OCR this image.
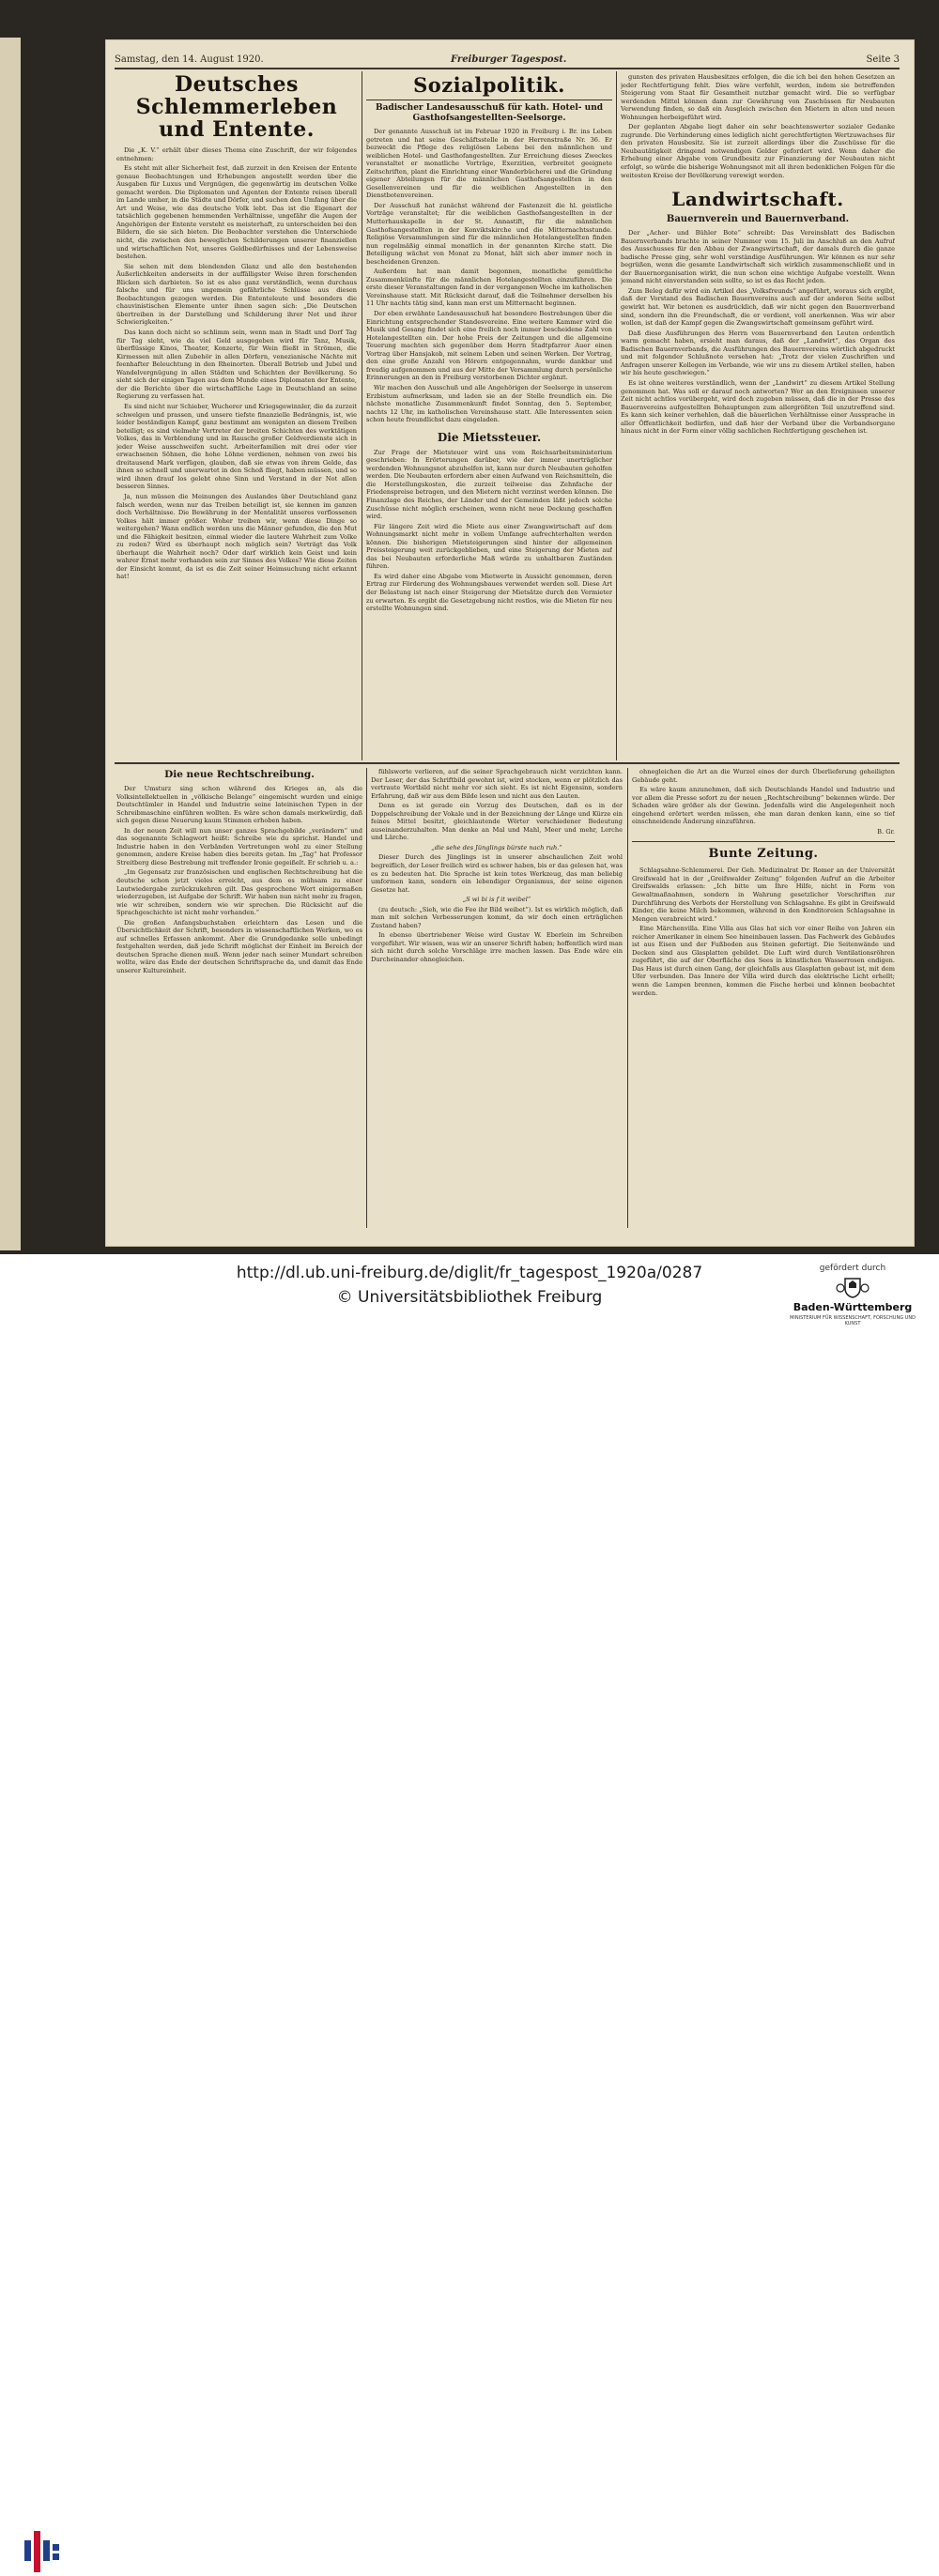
Samstag, den 14. August 1920.	Freiburger Tagespost.	Seite 3
Deutsches Schlemmerleben
und Entente.

Die „K. V.“ erhält über dieses Thema eine Zuschrift, der wir folgendes entnehmen:

Es steht mit aller Sicherheit fest, daß zurzeit in den Kreisen der Entente genaue Beobachtungen und Erhebungen angestellt werden über die Ausgaben für Luxus und Vergnügen, die gegenwärtig im deutschen Volke gemacht werden. Die Diplomaten und Agenten der Entente reisen überall im Lande umher, in die Städte und Dörfer, und suchen den Umfang über die Art und Weise, wie das deutsche Volk lebt. Das ist die Eigenart der tatsächlich gegebenen hemmenden Verhältnisse, ungefähr die Augen der Angehörigen der Entente versteht es meisterhaft, zu unterscheiden bei den Bildern, die sie sich bieten. Die Beobachter verstehen die Unterschiede nicht, die zwischen den beweglichen Schilderungen unserer finanziellen und wirtschaftlichen Not, unseres Geldbedürfnisses und der Lebensweise bestehen.

Sie sehen mit dem blendenden Glanz und alle den bestehenden Äußerlichkeiten anderseits in der auffälligster Weise ihren forschenden Blicken sich darbieten. So ist es also ganz verständlich, wenn durchaus falsche und für uns ungemein gefährliche Schlüsse aus diesen Beobachtungen gezogen werden. Die Ententeleute und besonders die chauvinistischen Elemente unter ihnen sagen sich: „Die Deutschen übertreiben in der Darstellung und Schilderung ihrer Not und ihrer Schwierigkeiten.“

Das kann doch nicht so schlimm sein, wenn man in Stadt und Dorf Tag für Tag sieht, wie da viel Geld ausgegeben wird für Tanz, Musik, überflüssige Kinos, Theater, Konzerte, für Wein fließt in Strömen, die Kirmessen mit allen Zubehör in allen Dörfern, venezianische Nächte mit feenhafter Beleuchtung in den Rheinorten. Überall Betrieb und Jubel und Wandelvergnügung in allen Städten und Schichten der Bevölkerung. So sieht sich der einigen Tagen aus dem Munde eines Diplomaten der Entente, der die Berichte über die wirtschaftliche Lage in Deutschland an seine Regierung zu verfassen hat.

Es sind nicht nur Schieber, Wucherer und Kriegsgewinnler, die da zurzeit schwelgen und prassen, und unsere tiefste finanzielle Bedrängnis, ist, wie leider beständigen Kampf, ganz bestimmt am wenigsten an diesem Treiben beteiligt; es sind vielmehr Vertreter der breiten Schichten des werktätigen Volkes, das in Verblendung und im Rausche großer Geldverdienste sich in jeder Weise ausschweifen sucht. Arbeiterfamilien mit drei oder vier erwachsenen Söhnen, die hohe Löhne verdienen, nehmen von zwei bis dreitausend Mark verfügen, glauben, daß sie etwas von ihrem Gelde, das ihnen so schnell und unerwartet in den Schoß fliegt, haben müssen, und so wird ihnen drauf los gelebt ohne Sinn und Verstand in der Not allen besseren Sinnes.

Ja, nun müssen die Meinungen des Auslandes über Deutschland ganz falsch werden, wenn nur das Treiben beteiligt ist, sie kennen im ganzen doch Verhältnisse. Die Bewährung in der Mentalität unseres verflossenen Volkes hält immer größer. Woher treiben wir, wenn diese Dinge so weitergehen? Wann endlich werden uns die Männer gefunden, die den Mut und die Fähigkeit besitzen, einmal wieder die lautere Wahrheit zum Volke zu reden? Wird es überhaupt noch möglich sein? Verträgt das Volk überhaupt die Wahrheit noch? Oder darf wirklich kein Geist und kein wahrer Ernst mehr vorhanden sein zur Sinnes des Volkes? Wie diese Zeiten der Einsicht kommt, da ist es die Zeit seiner Heimsuchung nicht erkannt hat!

Sozialpolitik.
Badischer Landesausschuß für kath. Hotel- und Gasthofsangestellten-Seelsorge.

Der genannte Ausschuß ist im Februar 1920 in Freiburg i. Br. ins Leben getreten und hat seine Geschäftsstelle in der Herrenstraße Nr. 36. Er bezweckt die Pflege des religiösen Lebens bei den männlichen und weiblichen Hotel- und Gasthofangestellten. Zur Erreichung dieses Zweckes veranstaltet er monatliche Vorträge, Exerzitien, verbreitet geeignete Zeitschriften, plant die Einrichtung einer Wanderbücherei und die Gründung eigener Abteilungen für die männlichen Gasthofsangestellten in den Gesellenvereinen und für die weiblichen Angestellten in den Dienstbotenvereinen.

Der Ausschuß hat zunächst während der Fastenzeit die hl. geistliche Vorträge veranstaltet; für die weiblichen Gasthofsangestellten in der Mutterhauskapelle in der St. Annastift, für die männlichen Gasthofsangestellten in der Konviktskirche und die Mitternachtsstunde. Religiöse Versammlungen sind für die männlichen Hotelangestellten finden nun regelmäßig einmal monatlich in der genannten Kirche statt. Die Beteiligung wächst von Monat zu Monat, hält sich aber immer noch in bescheidenen Grenzen.

Außerdem hat man damit begonnen, monatliche gemütliche Zusammenkünfte für die männlichen Hotelangestellten einzuführen. Die erste dieser Veranstaltungen fand in der vergangenen Woche im katholischen Vereinshause statt. Mit Rücksicht darauf, daß die Teilnehmer derselben bis 11 Uhr nachts tätig sind, kann man erst um Mitternacht beginnen.

Der eben erwähnte Landesausschuß hat besondere Bestrebungen über die Einrichtung entsprechender Standesvereine. Eine weitere Kammer wird die Musik und Gesang findet sich eine freilich noch immer bescheidene Zahl von Hotelangestellten ein. Der hohe Preis der Zeitungen und die allgemeine Teuerung machten sich gegenüber dem Herrn Stadtpfarrer Auer einen Vortrag über Hansjakob, mit seinem Leben und seinen Werken. Der Vortrag, den eine große Anzahl von Hörern entgegennahm, wurde dankbar und freudig aufgenommen und aus der Mitte der Versammlung durch persönliche Erinnerungen an den in Freiburg verstorbenen Dichter ergänzt.

Wir machen den Ausschuß und alle Angehörigen der Seelsorge in unserem Erzbistum aufmerksam, und laden sie an der Stelle freundlich ein. Die nächste monatliche Zusammenkunft findet Sonntag, den 5. September, nachts 12 Uhr, im katholischen Vereinshause statt. Alle Interessenten seien schon heute freundlichst dazu eingeladen.

Die Mietssteuer.

Zur Frage der Mietsteuer wird uns vom Reichsarbeitsministerium geschrieben: In Erörterungen darüber, wie der immer unerträglicher werdenden Wohnungsnot abzuhelfen ist, kann nur durch Neubauten geholfen werden. Die Neubauten erfordern aber einen Aufwand von Reichsmitteln, die die Herstellungskosten, die zurzeit teilweise das Zehnfache der Friedenspreise betragen, und den Mietern nicht verzinst werden können. Die Finanzlage des Reiches, der Länder und der Gemeinden läßt jedoch solche Zuschüsse nicht möglich erscheinen, wenn nicht neue Deckung geschaffen wird.

Für längere Zeit wird die Miete aus einer Zwangswirtschaft auf dem Wohnungsmarkt nicht mehr in vollem Umfange aufrechterhalten werden können. Die bisherigen Mietsteigerungen sind hinter der allgemeinen Preissteigerung weit zurückgeblieben, und eine Steigerung der Mieten auf das bei Neubauten erforderliche Maß würde zu unhaltbaren Zuständen führen.

Es wird daher eine Abgabe vom Mietwerte in Aussicht genommen, deren Ertrag zur Förderung des Wohnungsbaues verwendet werden soll. Diese Art der Belastung ist nach einer Steigerung der Mietsätze durch den Vermieter zu erwarten. Es ergibt die Gesetzgebung nicht restlos, wie die Mieten für neu erstellte Wohnungen sind.

gunsten des privaten Hausbesitzes erfolgen, die die ich bei den hohen Gesetzen an jeder Rechtfertigung fehlt. Dies wäre verfehlt, werden, indem sie betreffenden Steigerung vom Staat für Gesamtheit nutzbar gemacht wird. Die so verfügbar werdenden Mittel können dann zur Gewährung von Zuschüssen für Neubauten Verwendung finden, so daß ein Ausgleich zwischen den Mietern in alten und neuen Wohnungen herbeigeführt wird.

Der geplanten Abgabe liegt daher ein sehr beachtenswerter sozialer Gedanke zugrunde. Die Verhinderung eines lediglich nicht gerechtfertigten Wertzuwachses für den privaten Hausbesitz. Sie ist zurzeit allerdings über die Zuschüsse für die Neubautätigkeit dringend notwendigen Gelder gefordert wird. Wenn daher die Erhebung einer Abgabe vom Grundbesitz zur Finanzierung der Neubauten nicht erfolgt, so würde die bisherige Wohnungsnot mit all ihren bedenklichen Folgen für die weitesten Kreise der Bevölkerung verewigt werden.

Landwirtschaft.
Bauernverein und Bauernverband.

Der „Acher- und Bühler Bote“ schreibt: Das Vereinsblatt des Badischen Bauernverbands brachte in seiner Nummer vom 15. Juli im Anschluß an den Aufruf des Ausschusses für den Abbau der Zwangswirtschaft, der damals durch die ganze badische Presse ging, sehr wohl verständige Ausführungen. Wir können es nur sehr begrüßen, wenn die gesamte Landwirtschaft sich wirklich zusammenschließt und in der Bauernorganisation wirkt, die nun schon eine wichtige Aufgabe vorstellt. Wenn jemand nicht einverstanden sein sollte, so ist es das Recht jeden.

Zum Beleg dafür wird ein Artikel des „Volksfreunds“ angeführt, woraus sich ergibt, daß der Vorstand des Badischen Bauernvereins auch auf der anderen Seite selbst gewirkt hat. Wir betonen es ausdrücklich, daß wir nicht gegen den Bauernverband sind, sondern ihn die Freundschaft, die er verdient, voll anerkennen. Was wir aber wollen, ist daß der Kampf gegen die Zwangswirtschaft gemeinsam geführt wird.

Daß diese Ausführungen des Herrn vom Bauernverband den Leuten ordentlich warm gemacht haben, ersieht man daraus, daß der „Landwirt“, das Organ des Badischen Bauernverbands, die Ausführungen des Bauernvereins wörtlich abgedruckt und mit folgender Schlußnote versehen hat: „Trotz der vielen Zuschriften und Anfragen unserer Kollegen im Verbande, wie wir uns zu diesem Artikel stellen, haben wir bis heute geschwiegen.“

Es ist ohne weiteres verständlich, wenn der „Landwirt“ zu diesem Artikel Stellung genommen hat. Was soll er darauf noch antworten? Wer an den Ereignissen unserer Zeit nicht achtlos vorübergeht, wird doch zugeben müssen, daß die in der Presse des Bauernvereins aufgestellten Behauptungen zum allergrößten Teil unzutreffend sind. Es kann sich keiner verhehlen, daß die bäuerlichen Verhältnisse einer Aussprache in aller Öffentlichkeit bedürfen, und daß hier der Verband über die Verbandsorgane hinaus nicht in der Form einer völlig sachlichen Rechtfertigung geschehen ist.

Die neue Rechtschreibung.

Der Umsturz sing schon während des Krieges an, als die Volksintellektuellen in „völkische Belange“ eingemischt wurden und einige Deutschtümler in Handel und Industrie seine lateinischen Typen in der Schreibmaschine einführen wollten. Es wäre schon damals merkwürdig, daß sich gegen diese Neuerung kaum Stimmen erhoben haben.

In der neuen Zeit will nun unser ganzes Sprachgebilde „verändern“ und das sogenannte Schlagwort heißt: Schreibe wie du sprichst. Handel und Industrie haben in den Verbänden Vertretungen wohl zu einer Stellung genommen, andere Kreise haben dies bereits getan. Im „Tag“ hat Professor Streitberg diese Bestrebung mit treffender Ironie gegeißelt. Er schrieb u. a.:

„Im Gegensatz zur französischen und englischen Rechtschreibung hat die deutsche schon jetzt vieles erreicht, aus dem es mühsam zu einer Lautwiedergabe zurückzukehren gilt. Das gesprochene Wort einigermaßen wiederzugeben, ist Aufgabe der Schrift. Wir haben nun nicht mehr zu fragen, wie wir schreiben, sondern wie wir sprechen. Die Rücksicht auf die Sprachgeschichte ist nicht mehr vorhanden.“

Die großen Anfangsbuchstaben erleichtern das Lesen und die Übersichtlichkeit der Schrift, besonders in wissenschaftlichen Werken, wo es auf schnelles Erfassen ankommt. Aber die Grundgedanke solle unbedingt festgehalten werden, daß jede Schrift möglichst der Einheit im Bereich der deutschen Sprache dienen muß. Wenn jeder nach seiner Mundart schreiben wollte, wäre das Ende der deutschen Schriftsprache da, und damit das Ende unserer Kultureinheit.

fühlsworte verlieren, auf die seiner Sprachgebrauch nicht verzichten kann. Der Leser, der das Schriftbild gewohnt ist, wird stocken, wenn er plötzlich das vertraute Wortbild nicht mehr vor sich sieht. Es ist nicht Eigensinn, sondern Erfahrung, daß wir aus dem Bilde lesen und nicht aus den Lauten.

Denn es ist gerade ein Vorzug des Deutschen, daß es in der Doppelschreibung der Vokale und in der Bezeichnung der Länge und Kürze ein feines Mittel besitzt, gleichlautende Wörter verschiedener Bedeutung auseinanderzuhalten. Man denke an Mal und Mahl, Meer und mehr, Lerche und Lärche.

„die sehe des Jünglings bürste nach ruh.“

Dieser Durch des Jünglings ist in unserer abschaulichen Zeit wohl begreiflich, der Leser freilich wird es schwer haben, bis er das gelesen hat, was es zu bedeuten hat. Die Sprache ist kein totes Werkzeug, das man beliebig umformen kann, sondern ein lebendiger Organismus, der seine eigenen Gesetze hat.

„S wi bi is f it weibel“

(zu deutsch: „Sieh, wie die Fee ihr Bild weibet“). Ist es wirklich möglich, daß man mit solchen Verbesserungen kommt, da wir doch einen erträglichen Zustand haben?

In ebenso übertriebener Weise wird Gustav W. Eberlein im Schreiben vorgeführt. Wir wissen, was wir an unserer Schrift haben; hoffentlich wird man sich nicht durch solche Vorschläge irre machen lassen. Das Ende wäre ein Durcheinander ohnegleichen.

ohnegleichen die Art an die Wurzel eines der durch Überlieferung geheiligten Gebäude geht.

Es wäre kaum anzunehmen, daß sich Deutschlands Handel und Industrie und vor allem die Presse sofort zu der neuen „Rechtschreibung“ bekennen würde. Der Schaden wäre größer als der Gewinn. Jedenfalls wird die Angelegenheit noch eingehend erörtert werden müssen, ehe man daran denken kann, eine so tief einschneidende Änderung einzuführen.

B. Gr.

Bunte Zeitung.

Schlagsahne-Schlemmerei. Der Geh. Medizinalrat Dr. Romer an der Universität Greifswald hat in der „Greifswalder Zeitung“ folgenden Aufruf an die Arbeiter Greifswalds erlassen: „Ich bitte um Ihre Hilfe, nicht in Form von Gewaltmaßnahmen, sondern in Wahrung gesetzlicher Vorschriften zur Durchführung des Verbots der Herstellung von Schlagsahne. Es gibt in Greifswald Kinder, die keine Milch bekommen, während in den Konditoreien Schlagsahne in Mengen verabreicht wird.“

Eine Märchenvilla. Eine Villa aus Glas hat sich vor einer Reihe von Jahren ein reicher Amerikaner in einem See hineinbauen lassen. Das Fachwerk des Gebäudes ist aus Eisen und der Fußboden aus Steinen gefertigt. Die Seitenwände und Decken sind aus Glasplatten gebildet. Die Luft wird durch Ventilationsröhren zugeführt, die auf der Oberfläche des Sees in künstlichen Wasserrosen endigen. Das Haus ist durch einen Gang, der gleichfalls aus Glasplatten gebaut ist, mit dem Ufer verbunden. Das Innere der Villa wird durch das elektrische Licht erhellt; wenn die Lampen brennen, kommen die Fische herbei und können beobachtet werden.

http://dl.ub.uni-freiburg.de/diglit/fr_tagespost_1920a/0287
© Universitätsbibliothek Freiburg
gefördert durch
Baden-Württemberg
MINISTERIUM FÜR WISSENSCHAFT, FORSCHUNG UND KUNST
